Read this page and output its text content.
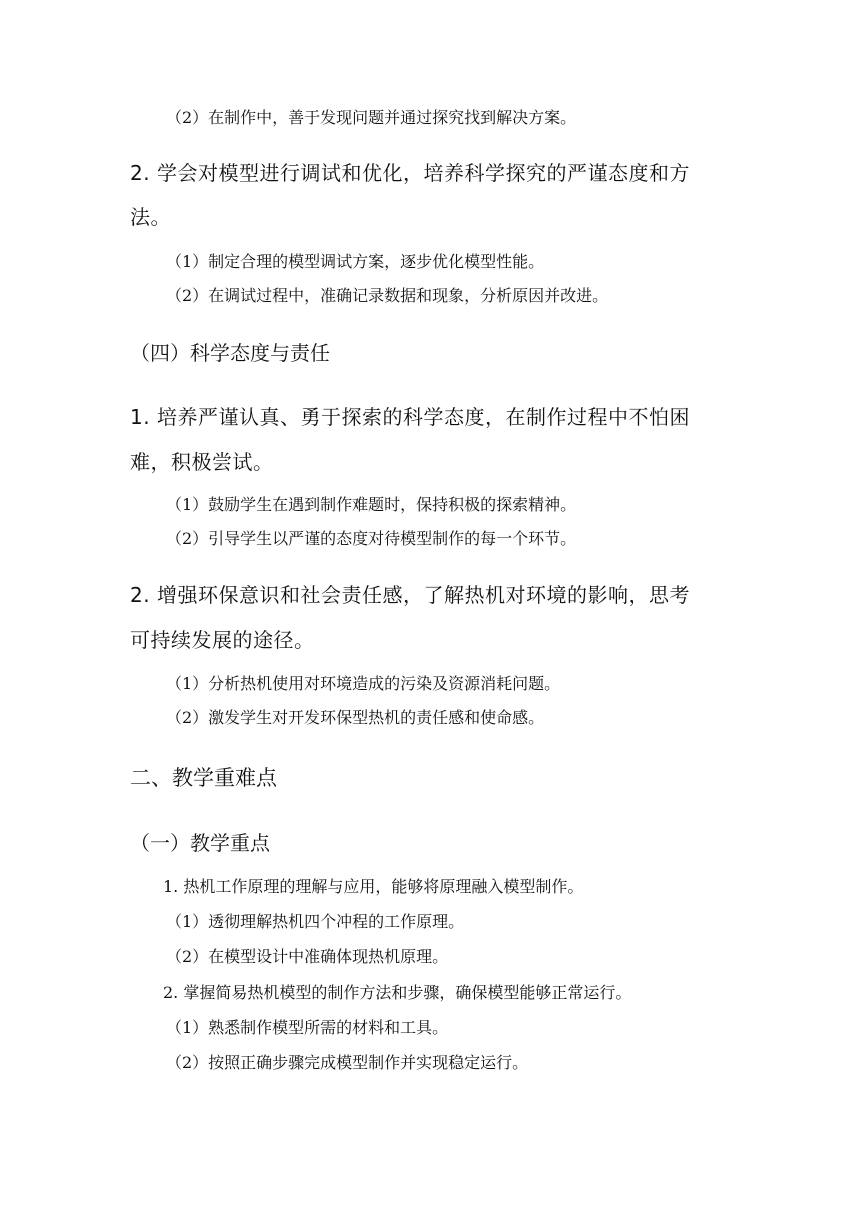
（2）在制作中，善于发现问题并通过探究找到解决方案。
2. 学会对模型进行调试和优化，培养科学探究的严谨态度和方
法。
（1）制定合理的模型调试方案，逐步优化模型性能。
（2）在调试过程中，准确记录数据和现象，分析原因并改进。
（四）科学态度与责任
1. 培养严谨认真、勇于探索的科学态度，在制作过程中不怕困
难，积极尝试。
（1）鼓励学生在遇到制作难题时，保持积极的探索精神。
（2）引导学生以严谨的态度对待模型制作的每一个环节。
2. 增强环保意识和社会责任感，了解热机对环境的影响，思考
可持续发展的途径。
（1）分析热机使用对环境造成的污染及资源消耗问题。
（2）激发学生对开发环保型热机的责任感和使命感。
二、教学重难点
（一）教学重点
1. 热机工作原理的理解与应用，能够将原理融入模型制作。
（1）透彻理解热机四个冲程的工作原理。
（2）在模型设计中准确体现热机原理。
2. 掌握简易热机模型的制作方法和步骤，确保模型能够正常运行。
（1）熟悉制作模型所需的材料和工具。
（2）按照正确步骤完成模型制作并实现稳定运行。
